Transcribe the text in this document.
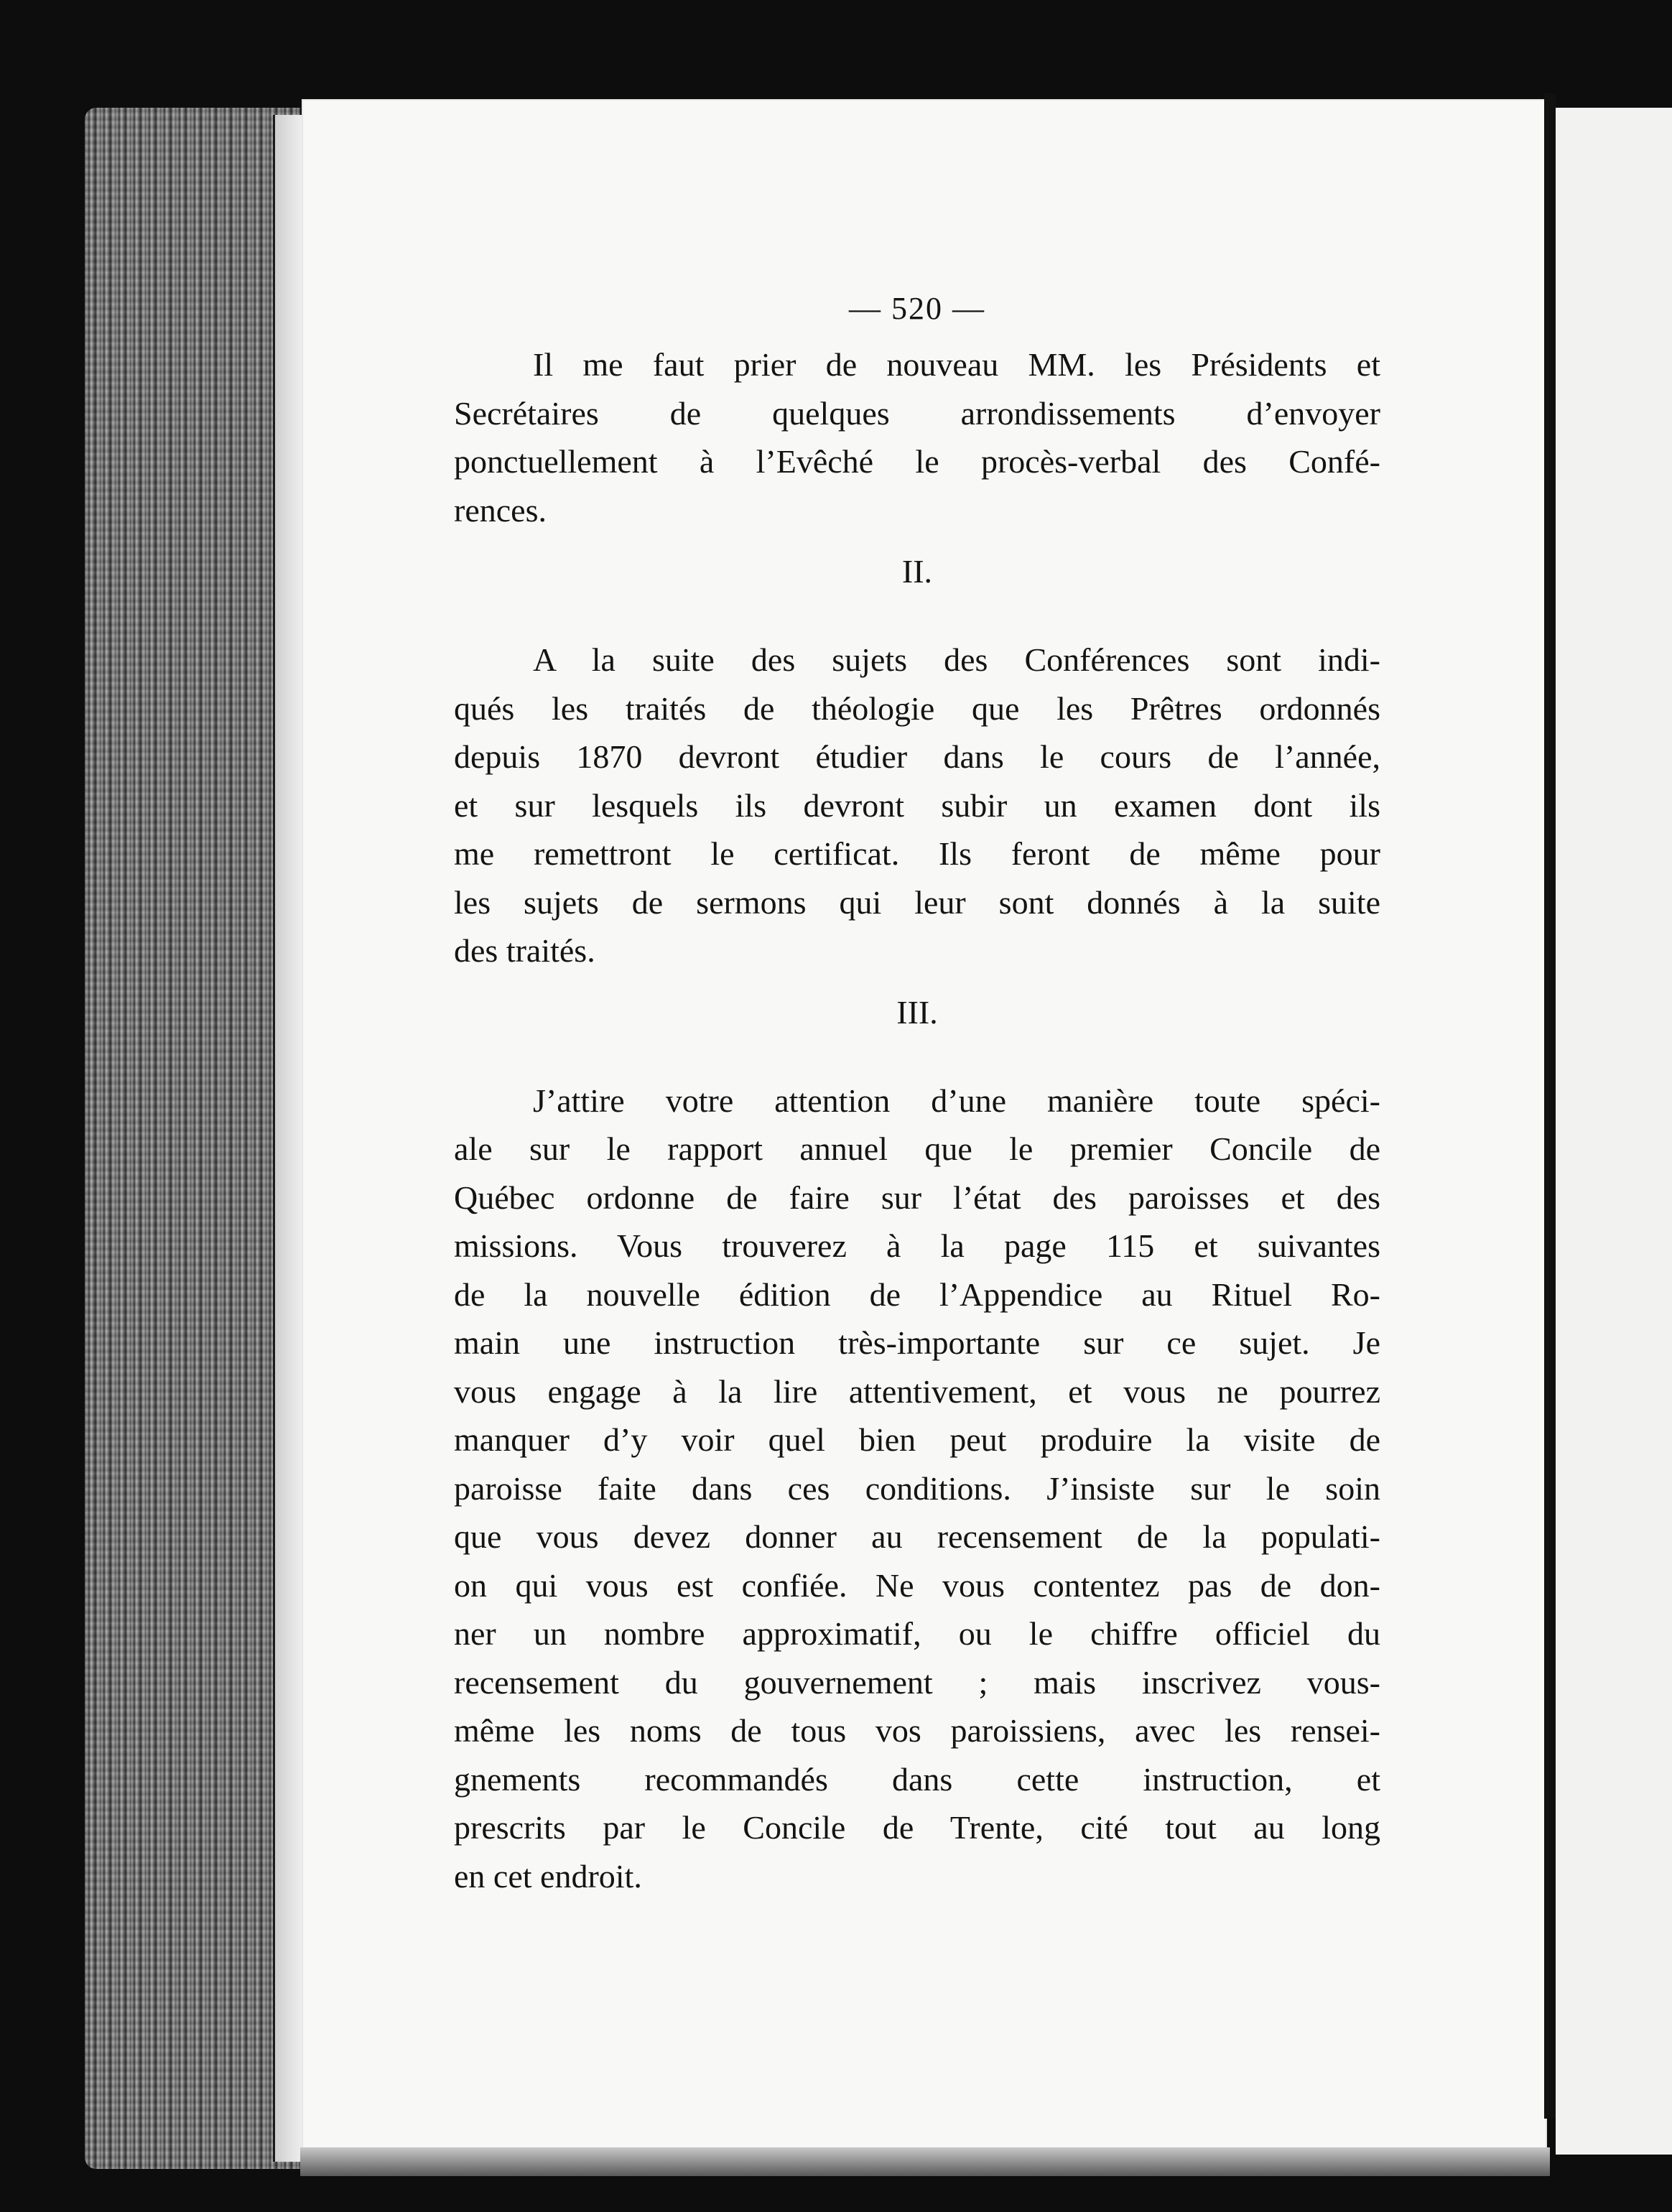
— 520 —

Il me faut prier de nouveau MM. les Présidents et
Secrétaires de quelques arrondissements d’envoyer
ponctuellement à l’Evêché le procès-verbal des Confé-
rences.

II.

A la suite des sujets des Conférences sont indi-
qués les traités de théologie que les Prêtres ordonnés
depuis 1870 devront étudier dans le cours de l’année,
et sur lesquels ils devront subir un examen dont ils
me remettront le certificat. Ils feront de même pour
les sujets de sermons qui leur sont donnés à la suite
des traités.

III.

J’attire votre attention d’une manière toute spéci-
ale sur le rapport annuel que le premier Concile de
Québec ordonne de faire sur l’état des paroisses et des
missions. Vous trouverez à la page 115 et suivantes
de la nouvelle édition de l’Appendice au Rituel Ro-
main une instruction très-importante sur ce sujet. Je
vous engage à la lire attentivement, et vous ne pourrez
manquer d’y voir quel bien peut produire la visite de
paroisse faite dans ces conditions. J’insiste sur le soin
que vous devez donner au recensement de la populati-
on qui vous est confiée. Ne vous contentez pas de don-
ner un nombre approximatif, ou le chiffre officiel du
recensement du gouvernement ; mais inscrivez vous-
même les noms de tous vos paroissiens, avec les rensei-
gnements recommandés dans cette instruction, et
prescrits par le Concile de Trente, cité tout au long
en cet endroit.
